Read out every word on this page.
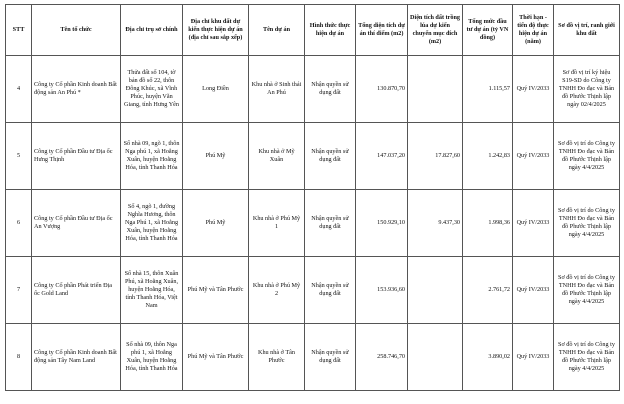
STT	Tên tổ chức	Địa chỉ trụ sở chính	Địa chỉ khu đất dự kiến thực hiện dự án (địa chỉ sau sắp xếp)	Tên dự án	Hình thức thực hiện dự án	Tổng diện tích dự án thí điểm (m2)	Diện tích đất trồng lúa dự kiến chuyển mục đích (m2)	Tổng mức đầu tư dự án (tỷ VN đồng)	Thời hạn - tiến độ thực hiện dự án (năm)	Sơ đồ vị trí, ranh giới khu đất
4	Công ty Cổ phần Kinh doanh Bất động sản An Phú *	Thửa đất số 104, tờ bản đồ số 22, thôn Đông Khúc, xã Vĩnh Phúc, huyện Văn Giang, tỉnh Hưng Yên	Long Điền	Khu nhà ở Sinh thái An Phú	Nhận quyền sử dụng đất	130.870,70		1.115,57	Quý IV/2033	Sơ đồ vị trí ký hiệu S19-SD do Công ty TNHH Đo đạc và Bản đồ Phước Thịnh lập ngày 02/4/2025
5	Công ty Cổ phần Đầu tư Địa ốc Hưng Thịnh	Số nhà 09, ngõ 1, thôn Nga phú 1, xã Hoằng Xuân, huyện Hoằng Hóa, tỉnh Thanh Hóa	Phú Mỹ	Khu nhà ở Mỹ Xuân	Nhận quyền sử dụng đất	147.037,20	17.827,60	1.242,83	Quý IV/2033	Sơ đồ vị trí do Công ty TNHH Đo đạc và Bản đồ Phước Thịnh lập ngày 4/4/2025
6	Công ty Cổ phần Đầu tư Địa ốc An Vượng	Số 4, ngõ 1, đường Nghĩa Hương, thôn Nga Phú 1, xã Hoằng Xuân, huyện Hoằng Hóa, tỉnh Thanh Hóa	Phú Mỹ	Khu nhà ở Phú Mỹ 1	Nhận quyền sử dụng đất	150.929,10	9.437,30	1.998,36	Quý IV/2033	Sơ đồ vị trí do Công ty TNHH Đo đạc và Bản đồ Phước Thịnh lập ngày 4/4/2025
7	Công ty Cổ phần Phát triển Địa ốc Gold Land	Số nhà 15, thôn Xuân Phú, xã Hoằng Xuân, huyện Hoằng Hóa, tỉnh Thanh Hóa, Việt Nam	Phú Mỹ và Tân Phước	Khu nhà ở Phú Mỹ 2	Nhận quyền sử dụng đất	153.936,60		2.761,72	Quý IV/2033	Sơ đồ vị trí do Công ty TNHH Đo đạc và Bản đồ Phước Thịnh lập ngày 4/4/2025
8	Công ty Cổ phần Kinh doanh Bất động sản Tây Nam Land	Số nhà 09, thôn Nga phú 1, xã Hoằng Xuân, huyện Hoằng Hóa, tỉnh Thanh Hóa	Phú Mỹ và Tân Phước	Khu nhà ở Tân Phước	Nhận quyền sử dụng đất	258.746,70		3.890,02	Quý IV/2033	Sơ đồ vị trí do Công ty TNHH Đo đạc và Bản đồ Phước Thịnh lập ngày 4/4/2025
